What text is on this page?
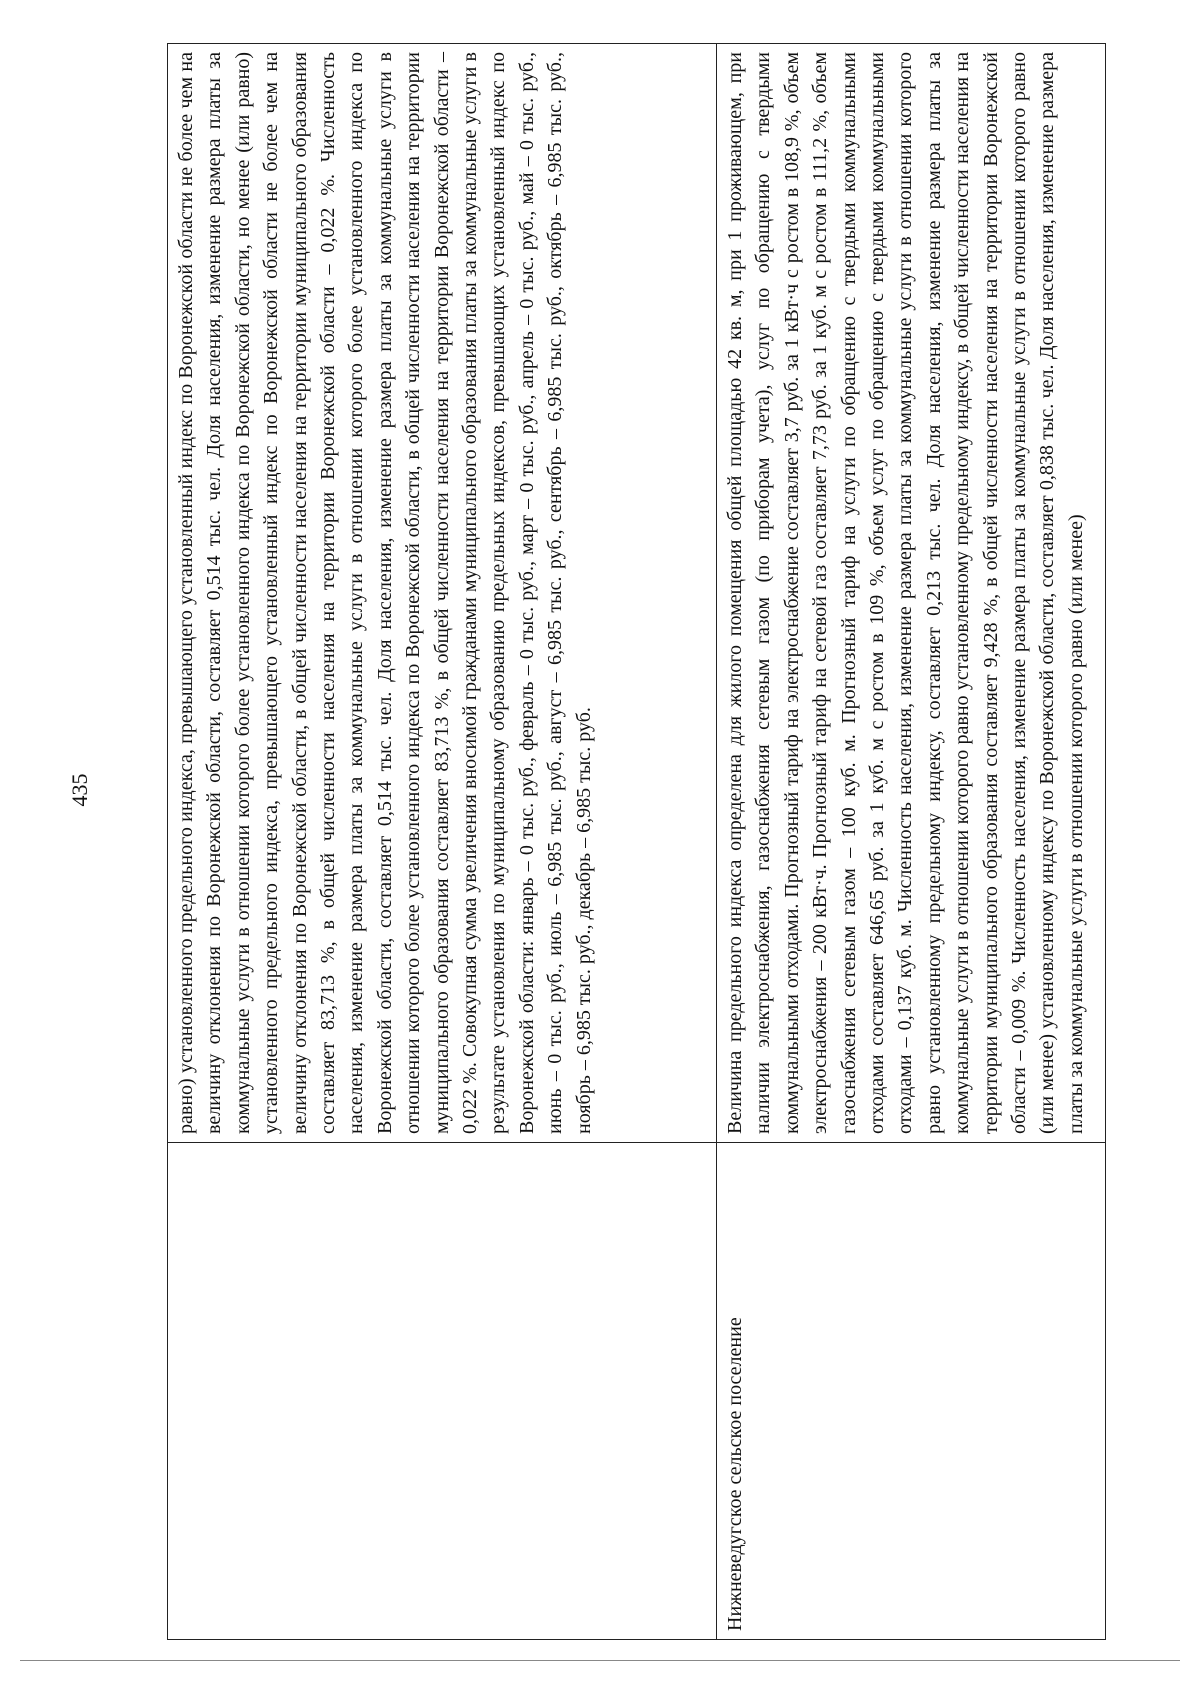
435
		равно) установленного предельного индекса, превышающего установленный индекс по Воронежской области не более чем на величину отклонения по Воронежской области, составляет 0,514 тыс. чел. Доля населения, изменение размера платы за коммунальные услуги в отношении которого более установленного индекса по Воронежской области, но менее (или равно) установленного предельного индекса, превышающего установленный индекс по Воронежской области не более чем на величину отклонения по Воронежской области, в общей численности населения на территории муниципального образования составляет 83,713 %, в общей численности населения на территории Воронежской области – 0,022 %. Численность населения, изменение размера платы за коммунальные услуги в отношении которого более установленного индекса по Воронежской области, составляет 0,514 тыс. чел. Доля населения, изменение размера платы за коммунальные услуги в отношении которого более установленного индекса по Воронежской области, в общей численности населения на территории муниципального образования составляет 83,713 %, в общей численности населения на территории Воронежской области – 0,022 %. Совокупная сумма увеличения вносимой гражданами муниципального образования платы за коммунальные услуги в результате установления по муниципальному образованию предельных индексов, превышающих установленный индекс по Воронежской области: январь – 0 тыс. руб., февраль – 0 тыс. руб., март – 0 тыс. руб., апрель – 0 тыс. руб., май – 0 тыс. руб., июнь – 0 тыс. руб., июль – 6,985 тыс. руб., август – 6,985 тыс. руб., сентябрь – 6,985 тыс. руб., октябрь – 6,985 тыс. руб., ноябрь – 6,985 тыс. руб., декабрь – 6,985 тыс. руб.
Нижневедугское сельское поселение	Величина предельного индекса определена для жилого помещения общей площадью 42 кв. м, при 1 проживающем, при наличии электроснабжения, газоснабжения сетевым газом (по приборам учета), услуг по обращению с твердыми коммунальными отходами. Прогнозный тариф на электроснабжение составляет 3,7 руб. за 1 кВт·ч с ростом в 108,9 %, объем электроснабжения – 200 кВт·ч. Прогнозный тариф на сетевой газ составляет 7,73 руб. за 1 куб. м с ростом в 111,2 %, объем газоснабжения сетевым газом – 100 куб. м. Прогнозный тариф на услуги по обращению с твердыми коммунальными отходами составляет 646,65 руб. за 1 куб. м с ростом в 109 %, объем услуг по обращению с твердыми коммунальными отходами – 0,137 куб. м. Численность населения, изменение размера платы за коммунальные услуги в отношении которого равно установленному предельному индексу, составляет 0,213 тыс. чел. Доля населения, изменение размера платы за коммунальные услуги в отношении которого равно установленному предельному индексу, в общей численности населения на территории муниципального образования составляет 9,428 %, в общей численности населения на территории Воронежской области – 0,009 %. Численность населения, изменение размера платы за коммунальные услуги в отношении которого равно (или менее) установленному индексу по Воронежской области, составляет 0,838 тыс. чел. Доля населения, изменение размера платы за коммунальные услуги в отношении которого равно (или менее)
